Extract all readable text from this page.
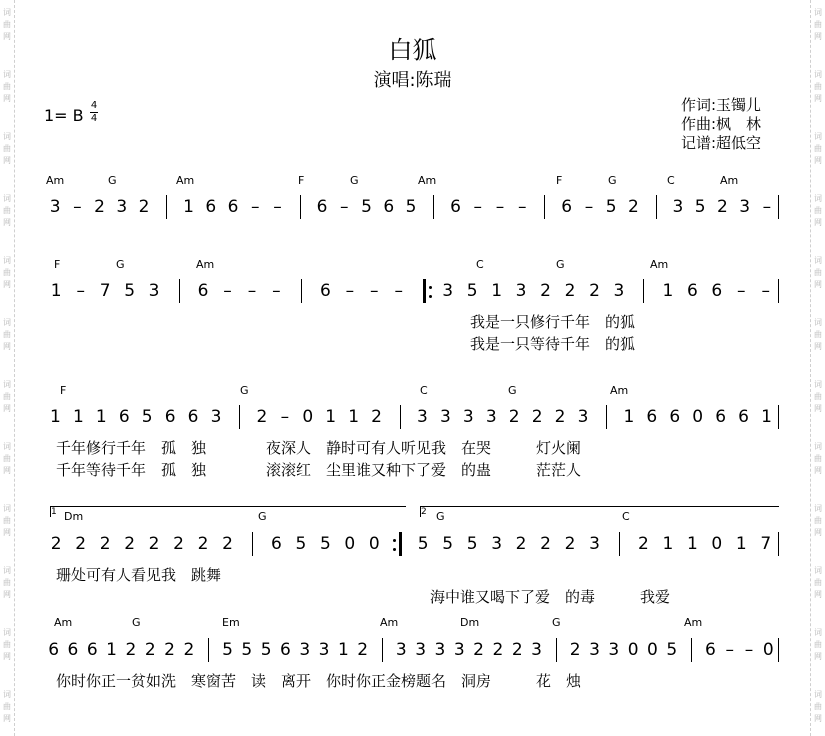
词
曲
网
词
曲
网
词
曲
网
词
曲
网
词
曲
网
词
曲
网
词
曲
网
词
曲
网
词
曲
网
词
曲
网
词
曲
网
词
曲
网
词
曲
网
词
曲
网
词
曲
网
词
曲
网
词
曲
网
词
曲
网
词
曲
网
词
曲
网
词
曲
网
词
曲
网
词
曲
网
词
曲
网
白狐
演唱:陈瑞
1= B
4
4
作词:玉镯儿
作曲:枫　林
记谱:超低空
Am	G	Am	F	G	Am	F	G	C	Am
3 – 2 3 2 1 6 6 – – 6 – 5 6 5 6 – – – 6 – 5 2 3 5 2 3 –
F	G	Am	C	G	Am
1 – 7 5 3 6 – – – 6 – – – 3 5 1 3 2 2 2 3 1 6 6 – –
我是一只修行千年　的狐
我是一只等待千年　的狐
F	G	C	G	Am
1 1 1 6 5 6 6 3 2 – 0 1 1 2 3 3 3 3 2 2 2 3 1 6 6 0 6 6 1
千年修行千年　孤　独　　　　夜深人　静时可有人听见我　在哭　　　灯火阑
千年等待千年　孤　独　　　　滚滚红　尘里谁又种下了爱　的蛊　　　茫茫人
Dm	G	G	C
2 2 2 2 2 2 2 2 6 5 5 0 0 5 5 5 3 2 2 2 3 2 1 1 0 1 7
1	2
珊处可有人看见我　跳舞
海中谁又喝下了爱　的毒　　　我爱
Am	G	Em	Am	Dm	G	Am
6 6 6 1 2 2 2 2 5 5 5 6 3 3 1 2 3 3 3 3 2 2 2 3 2 3 3 0 0 5 6 – – 0
你时你正一贫如洗　寒窗苦　读　离开　你时你正金榜题名　洞房　　　花　烛
